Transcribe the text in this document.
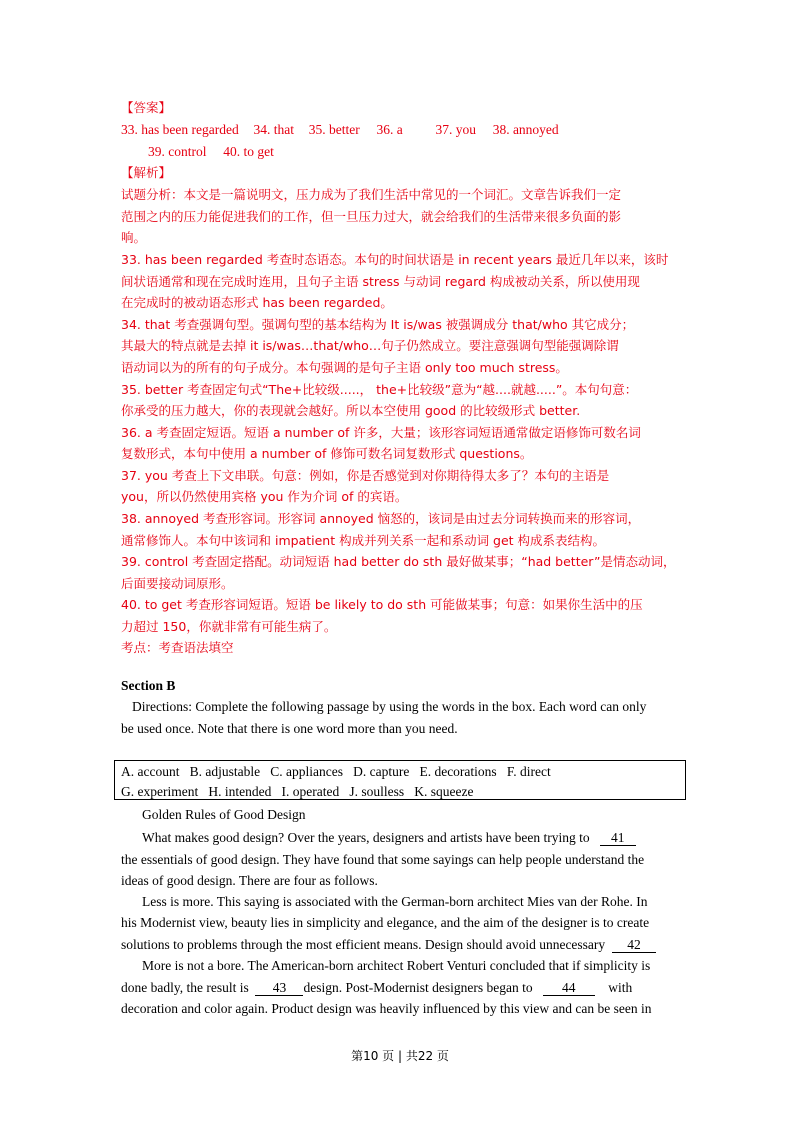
【答案】
33. has been regarded 34. that 35. better 36. a 37. you 38. annoyed
39. control 40. to get
【解析】
试题分析：本文是一篇说明文，压力成为了我们生活中常见的一个词汇。文章告诉我们一定
范围之内的压力能促进我们的工作，但一旦压力过大，就会给我们的生活带来很多负面的影
响。
33. has been regarded 考查时态语态。本句的时间状语是 in recent years 最近几年以来，该时
间状语通常和现在完成时连用，且句子主语 stress 与动词 regard 构成被动关系，所以使用现
在完成时的被动语态形式 has been regarded。
34. that 考查强调句型。强调句型的基本结构为 It is/was 被强调成分 that/who 其它成分；
其最大的特点就是去掉 it is/was…that/who…句子仍然成立。要注意强调句型能强调除谓
语动词以为的所有的句子成分。本句强调的是句子主语 only too much stress。
35. better 考查固定句式“The+比较级.....， the+比较级”意为“越....就越.....”。本句句意：
你承受的压力越大，你的表现就会越好。所以本空使用 good 的比较级形式 better.
36. a 考查固定短语。短语 a number of 许多，大量；该形容词短语通常做定语修饰可数名词
复数形式，本句中使用 a number of 修饰可数名词复数形式 questions。
37. you 考查上下文串联。句意：例如，你是否感觉到对你期待得太多了？本句的主语是
you，所以仍然使用宾格 you 作为介词 of 的宾语。
38. annoyed 考查形容词。形容词 annoyed 恼怒的，该词是由过去分词转换而来的形容词，
通常修饰人。本句中该词和 impatient 构成并列关系一起和系动词 get 构成系表结构。
39. control 考查固定搭配。动词短语 had better do sth 最好做某事；“had better”是情态动词，
后面要接动词原形。
40. to get 考查形容词短语。短语 be likely to do sth 可能做某事；句意：如果你生活中的压
力超过 150，你就非常有可能生病了。
考点：考查语法填空
Section B
Directions: Complete the following passage by using the words in the box. Each word can only
be used once. Note that there is one word more than you need.
A. account B. adjustable C. appliances D. capture E. decorations F. direct
G. experiment H. intended I. operated J. soulless K. squeeze
Golden Rules of Good Design
What makes good design? Over the years, designers and artists have been trying to 41
the essentials of good design. They have found that some sayings can help people understand the
ideas of good design. There are four as follows.
Less is more. This saying is associated with the German-born architect Mies van der Rohe. In
his Modernist view, beauty lies in simplicity and elegance, and the aim of the designer is to create
solutions to problems through the most efficient means. Design should avoid unnecessary 42
More is not a bore. The American-born architect Robert Venturi concluded that if simplicity is
done badly, the result is 43 design. Post-Modernist designers began to 44 with
decoration and color again. Product design was heavily influenced by this view and can be seen in
第10 页 | 共22 页
